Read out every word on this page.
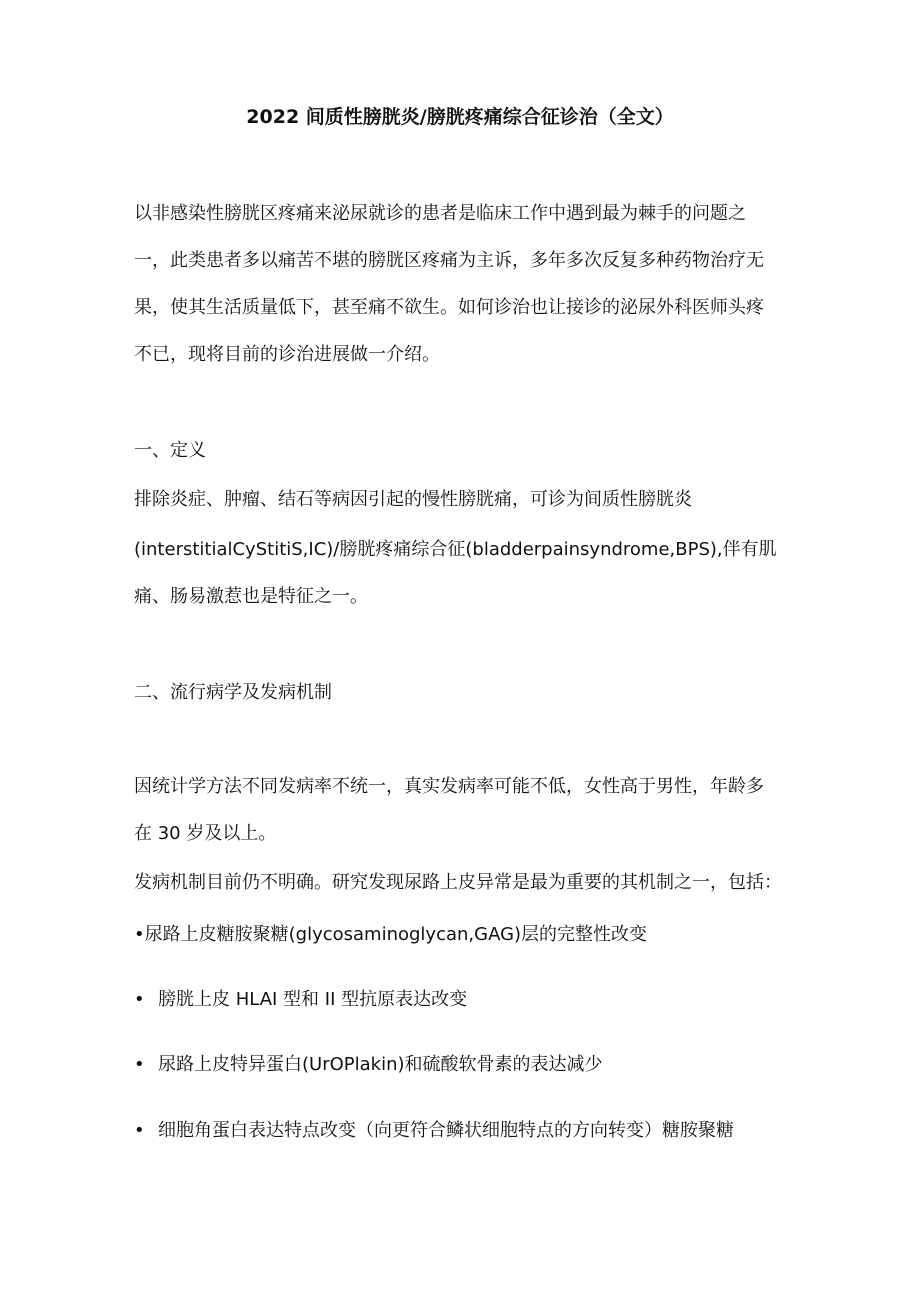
2022 间质性膀胱炎/膀胱疼痛综合征诊治（全文）
以非感染性膀胱区疼痛来泌尿就诊的患者是临床工作中遇到最为棘手的问题之
一，此类患者多以痛苦不堪的膀胱区疼痛为主诉，多年多次反复多种药物治疗无
果，使其生活质量低下，甚至痛不欲生。如何诊治也让接诊的泌尿外科医师头疼
不已，现将目前的诊治进展做一介绍。
一、定义
排除炎症、肿瘤、结石等病因引起的慢性膀胱痛，可诊为间质性膀胱炎
(interstitialCyStitiS,IC)/膀胱疼痛综合征(bladderpainsyndrome,BPS),伴有肌
痛、肠易激惹也是特征之一。
二、流行病学及发病机制
因统计学方法不同发病率不统一，真实发病率可能不低，女性高于男性，年龄多
在 30 岁及以上。
发病机制目前仍不明确。研究发现尿路上皮异常是最为重要的其机制之一，包括：
•尿路上皮糖胺聚糖(glycosaminoglycan,GAG)层的完整性改变
• 膀胱上皮 HLAI 型和 II 型抗原表达改变
• 尿路上皮特异蛋白(UrOPlakin)和硫酸软骨素的表达减少
• 细胞角蛋白表达特点改变（向更符合鳞状细胞特点的方向转变）糖胺聚糖
